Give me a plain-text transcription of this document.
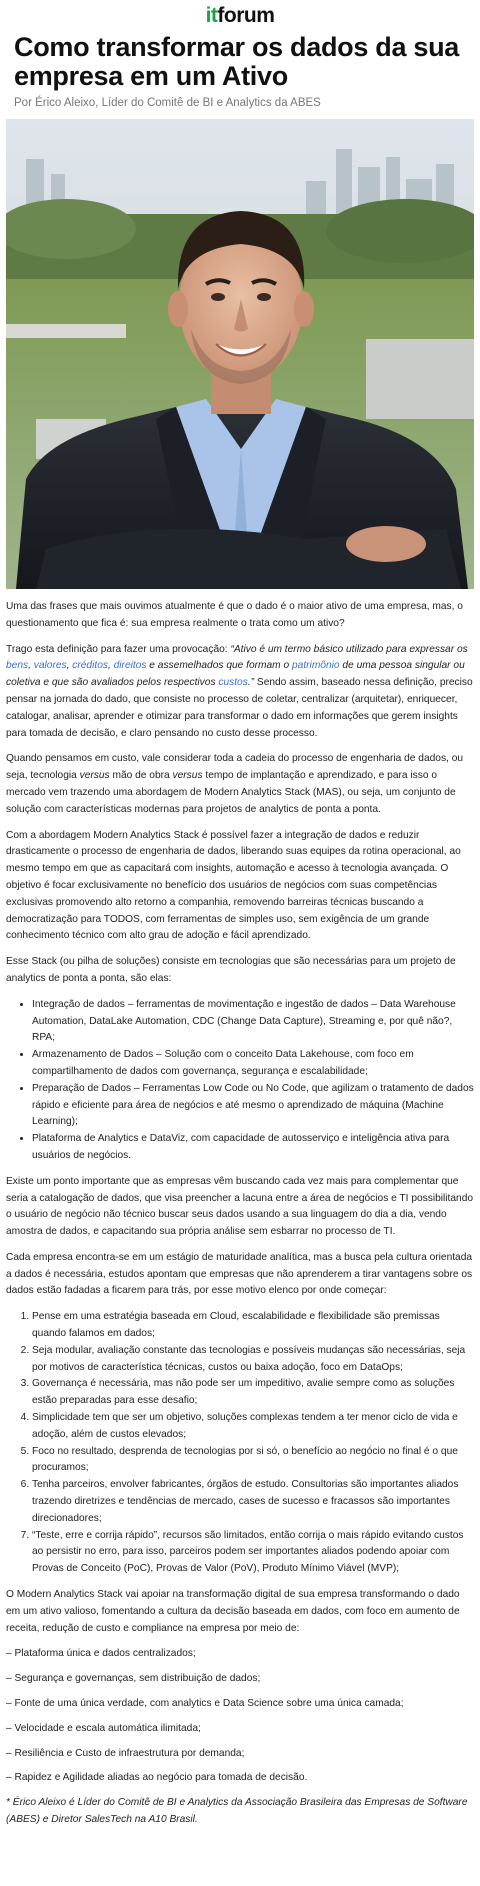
itforum
Como transformar os dados da sua empresa em um Ativo
Por Érico Aleixo, Líder do Comitê de BI e Analytics da ABES

Uma das frases que mais ouvimos atualmente é que o dado é o maior ativo de uma empresa, mas, o questionamento que fica é: sua empresa realmente o trata como um ativo?

Trago esta definição para fazer uma provocação: “Ativo é um termo básico utilizado para expressar os bens, valores, créditos, direitos e assemelhados que formam o patrimônio de uma pessoa singular ou coletiva e que são avaliados pelos respectivos custos.” Sendo assim, baseado nessa definição, preciso pensar na jornada do dado, que consiste no processo de coletar, centralizar (arquitetar), enriquecer, catalogar, analisar, aprender e otimizar para transformar o dado em informações que gerem insights para tomada de decisão, e claro pensando no custo desse processo.

Quando pensamos em custo, vale considerar toda a cadeia do processo de engenharia de dados, ou seja, tecnologia versus mão de obra versus tempo de implantação e aprendizado, e para isso o mercado vem trazendo uma abordagem de Modern Analytics Stack (MAS), ou seja, um conjunto de solução com características modernas para projetos de analytics de ponta a ponta.

Com a abordagem Modern Analytics Stack é possível fazer a integração de dados e reduzir drasticamente o processo de engenharia de dados, liberando suas equipes da rotina operacional, ao mesmo tempo em que as capacitará com insights, automação e acesso à tecnologia avançada. O objetivo é focar exclusivamente no benefício dos usuários de negócios com suas competências exclusivas promovendo alto retorno a companhia, removendo barreiras técnicas buscando a democratização para TODOS, com ferramentas de simples uso, sem exigência de um grande conhecimento técnico com alto grau de adoção e fácil aprendizado.

Esse Stack (ou pilha de soluções) consiste em tecnologias que são necessárias para um projeto de analytics de ponta a ponta, são elas:

• Integração de dados – ferramentas de movimentação e ingestão de dados – Data Warehouse Automation, DataLake Automation, CDC (Change Data Capture), Streaming e, por quê não?, RPA;
• Armazenamento de Dados – Solução com o conceito Data Lakehouse, com foco em compartilhamento de dados com governança, segurança e escalabilidade;
• Preparação de Dados – Ferramentas Low Code ou No Code, que agilizam o tratamento de dados rápido e eficiente para área de negócios e até mesmo o aprendizado de máquina (Machine Learning);
• Plataforma de Analytics e DataViz, com capacidade de autosserviço e inteligência ativa para usuários de negócios.

Existe um ponto importante que as empresas vêm buscando cada vez mais para complementar que seria a catalogação de dados, que visa preencher a lacuna entre a área de negócios e TI possibilitando o usuário de negócio não técnico buscar seus dados usando a sua linguagem do dia a dia, vendo amostra de dados, e capacitando sua própria análise sem esbarrar no processo de TI.

Cada empresa encontra-se em um estágio de maturidade analítica, mas a busca pela cultura orientada a dados é necessária, estudos apontam que empresas que não aprenderem a tirar vantagens sobre os dados estão fadadas a ficarem para trás, por esse motivo elenco por onde começar:

1. Pense em uma estratégia baseada em Cloud, escalabilidade e flexibilidade são premissas quando falamos em dados;
2. Seja modular, avaliação constante das tecnologias e possíveis mudanças são necessárias, seja por motivos de característica técnicas, custos ou baixa adoção, foco em DataOps;
3. Governança é necessária, mas não pode ser um impeditivo, avalie sempre como as soluções estão preparadas para esse desafio;
4. Simplicidade tem que ser um objetivo, soluções complexas tendem a ter menor ciclo de vida e adoção, além de custos elevados;
5. Foco no resultado, desprenda de tecnologias por si só, o benefício ao negócio no final é o que procuramos;
6. Tenha parceiros, envolver fabricantes, órgãos de estudo. Consultorias são importantes aliados trazendo diretrizes e tendências de mercado, cases de sucesso e fracassos são importantes direcionadores;
7. “Teste, erre e corrija rápido”, recursos são limitados, então corrija o mais rápido evitando custos ao persistir no erro, para isso, parceiros podem ser importantes aliados podendo apoiar com Provas de Conceito (PoC), Provas de Valor (PoV), Produto Mínimo Viável (MVP);

O Modern Analytics Stack vai apoiar na transformação digital de sua empresa transformando o dado em um ativo valioso, fomentando a cultura da decisão baseada em dados, com foco em aumento de receita, redução de custo e compliance na empresa por meio de:

– Plataforma única e dados centralizados;

– Segurança e governanças, sem distribuição de dados;

– Fonte de uma única verdade, com analytics e Data Science sobre uma única camada;

– Velocidade e escala automática ilimitada;

– Resiliência e Custo de infraestrutura por demanda;

– Rapidez e Agilidade aliadas ao negócio para tomada de decisão.

* Érico Aleixo é Líder do Comitê de BI e Analytics da Associação Brasileira das Empresas de Software (ABES) e Diretor SalesTech na A10 Brasil.
